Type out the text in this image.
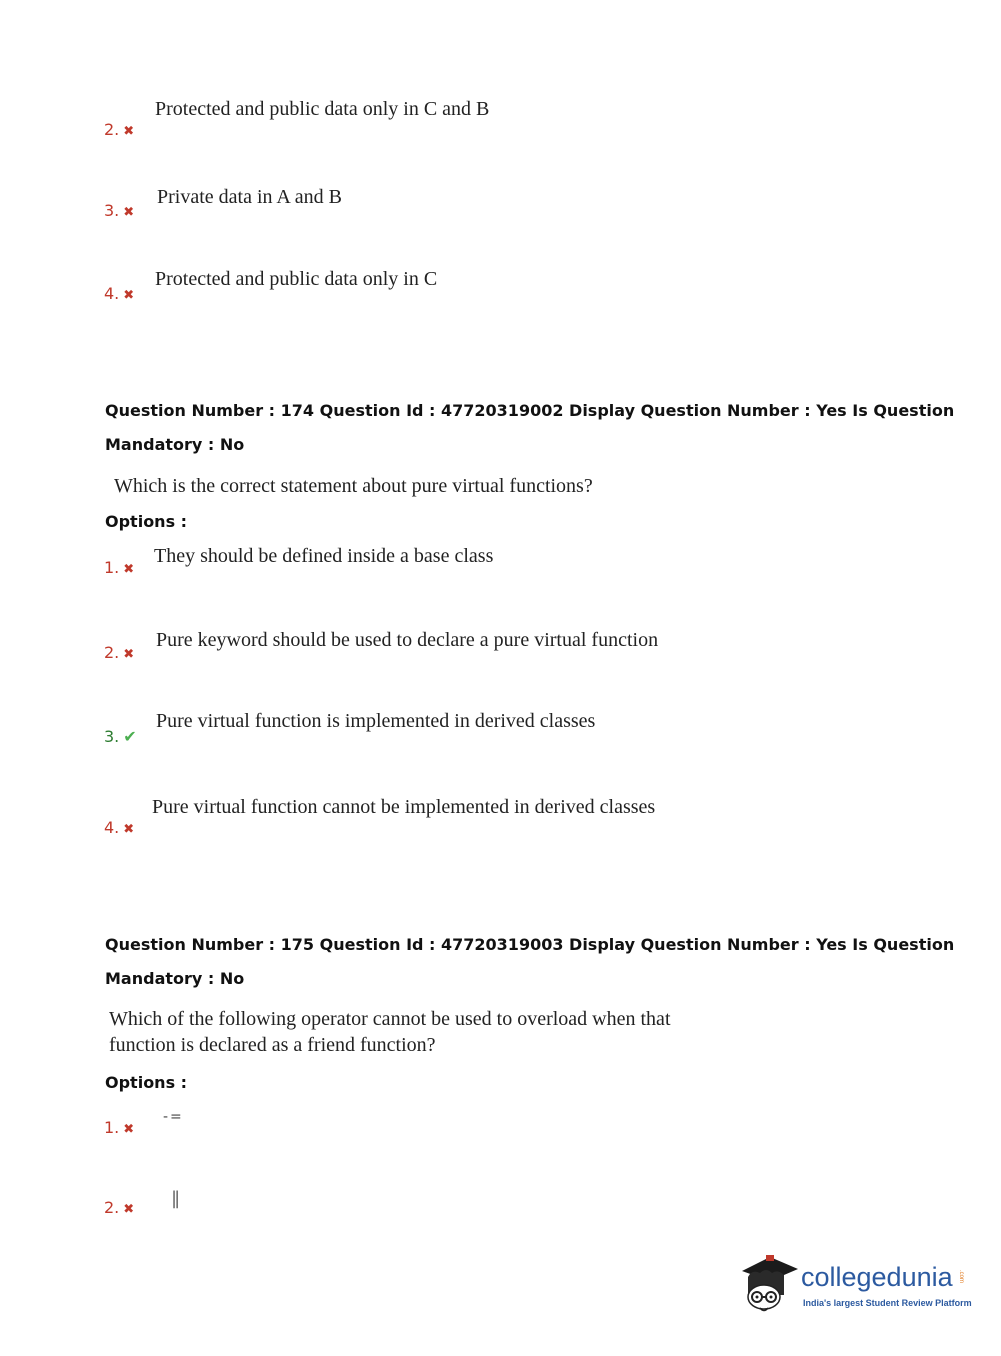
Protected and public data only in C and B
2. ✖
Private data in A and B
3. ✖
Protected and public data only in C
4. ✖
Question Number : 174 Question Id : 47720319002 Display Question Number : Yes Is Question
Mandatory : No
Which is the correct statement about pure virtual functions?
Options :
They should be defined inside a base class
1. ✖
Pure keyword should be used to declare a pure virtual function
2. ✖
Pure virtual function is implemented in derived classes
3. ✔
Pure virtual function cannot be implemented in derived classes
4. ✖
Question Number : 175 Question Id : 47720319003 Display Question Number : Yes Is Question
Mandatory : No
Which of the following operator cannot be used to overload when that
function is declared as a friend function?
Options :
1. ✖
-=
2. ✖
||
collegedunia .com
India's largest Student Review Platform
